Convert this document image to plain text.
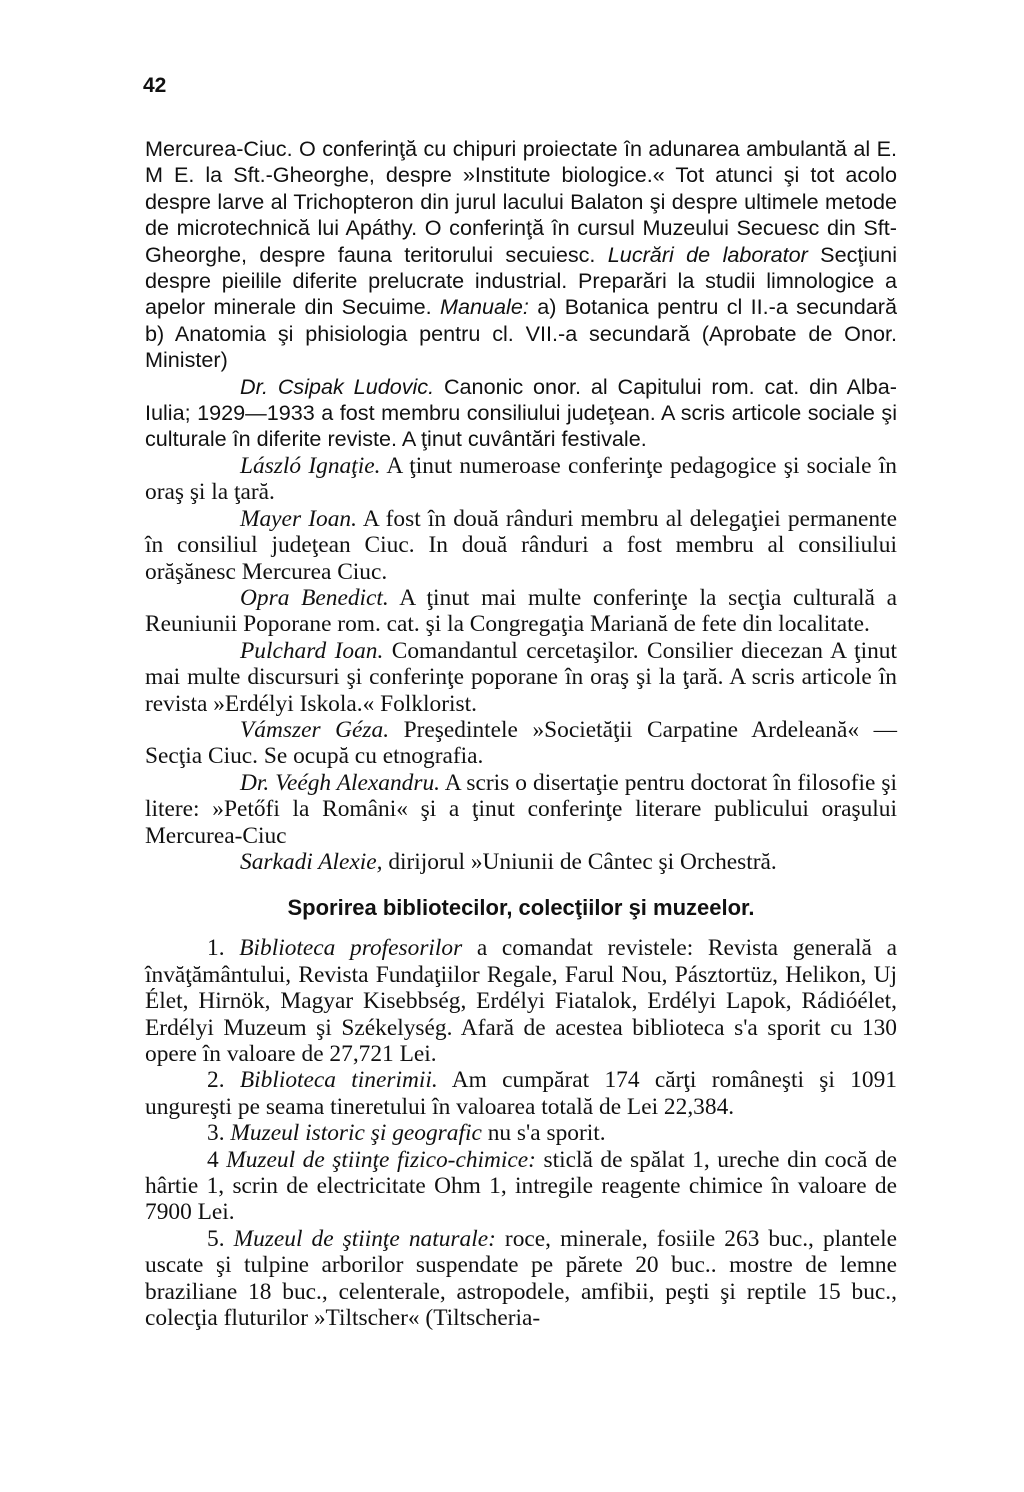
42

Mercurea-Ciuc. O conferinţă cu chipuri proiectate în adunarea ambulantă al E. M E. la Sft.-Gheorghe, despre »Institute biologice.« Tot atunci şi tot acolo despre larve al Trichopteron din jurul lacului Balaton şi despre ultimele metode de microtechnică lui Apáthy. O conferinţă în cursul Muzeului Secuesc din Sft-Gheorghe, despre fauna teritorului secuiesc. Lucrări de laborator Secţiuni despre pieilile diferite prelucrate industrial. Preparări la studii limnologice a apelor minerale din Secuime. Manuale: a) Botanica pentru cl II.-a secundară b) Anatomia şi phisiologia pentru cl. VII.-a secundară (Aprobate de Onor. Minister)

Dr. Csipak Ludovic. Canonic onor. al Capitului rom. cat. din Alba-Iulia; 1929—1933 a fost membru consiliului judeţean. A scris articole sociale şi culturale în diferite reviste. A ţinut cuvântări festivale.

László Ignaţie. A ţinut numeroase conferinţe pedagogice şi sociale în oraş şi la ţară.

Mayer Ioan. A fost în două rânduri membru al delegaţiei permanente în consiliul judeţean Ciuc. In două rânduri a fost membru al consiliului orăşănesc Mercurea Ciuc.

Opra Benedict. A ţinut mai multe conferinţe la secţia culturală a Reuniunii Poporane rom. cat. şi la Congregaţia Mariană de fete din localitate.

Pulchard Ioan. Comandantul cercetaşilor. Consilier diecezan A ţinut mai multe discursuri şi conferinţe poporane în oraş şi la ţară. A scris articole în revista »Erdélyi Iskola.« Folklorist.

Vámszer Géza. Preşedintele »Societăţii Carpatine Ardeleană« — Secţia Ciuc. Se ocupă cu etnografia.

Dr. Veégh Alexandru. A scris o disertaţie pentru doctorat în filosofie şi litere: »Petőfi la Români« şi a ţinut conferinţe literare publicului oraşului Mercurea-Ciuc

Sarkadi Alexie, dirijorul »Uniunii de Cântec şi Orchestră.

Sporirea bibliotecilor, colecţiilor şi muzeelor.

1. Biblioteca profesorilor a comandat revistele: Revista generală a învăţământului, Revista Fundaţiilor Regale, Farul Nou, Pásztortüz, Helikon, Uj Élet, Hirnök, Magyar Kisebbség, Erdélyi Fiatalok, Erdélyi Lapok, Rádióélet, Erdélyi Muzeum şi Székelység. Afară de acestea biblioteca s'a sporit cu 130 opere în valoare de 27,721 Lei.

2. Biblioteca tinerimii. Am cumpărat 174 cărţi româneşti şi 1091 ungureşti pe seama tineretului în valoarea totală de Lei 22,384.

3. Muzeul istoric şi geografic nu s'a sporit.

4 Muzeul de ştiinţe fizico-chimice: sticlă de spălat 1, ureche din cocă de hârtie 1, scrin de electricitate Ohm 1, intregile reagente chimice în valoare de 7900 Lei.

5. Muzeul de ştiinţe naturale: roce, minerale, fosiile 263 buc., plantele uscate şi tulpine arborilor suspendate pe părete 20 buc.. mostre de lemne braziliane 18 buc., celenterale, astropodele, amfibii, peşti şi reptile 15 buc., colecţia fluturilor »Tiltscher« (Tiltscheria-
